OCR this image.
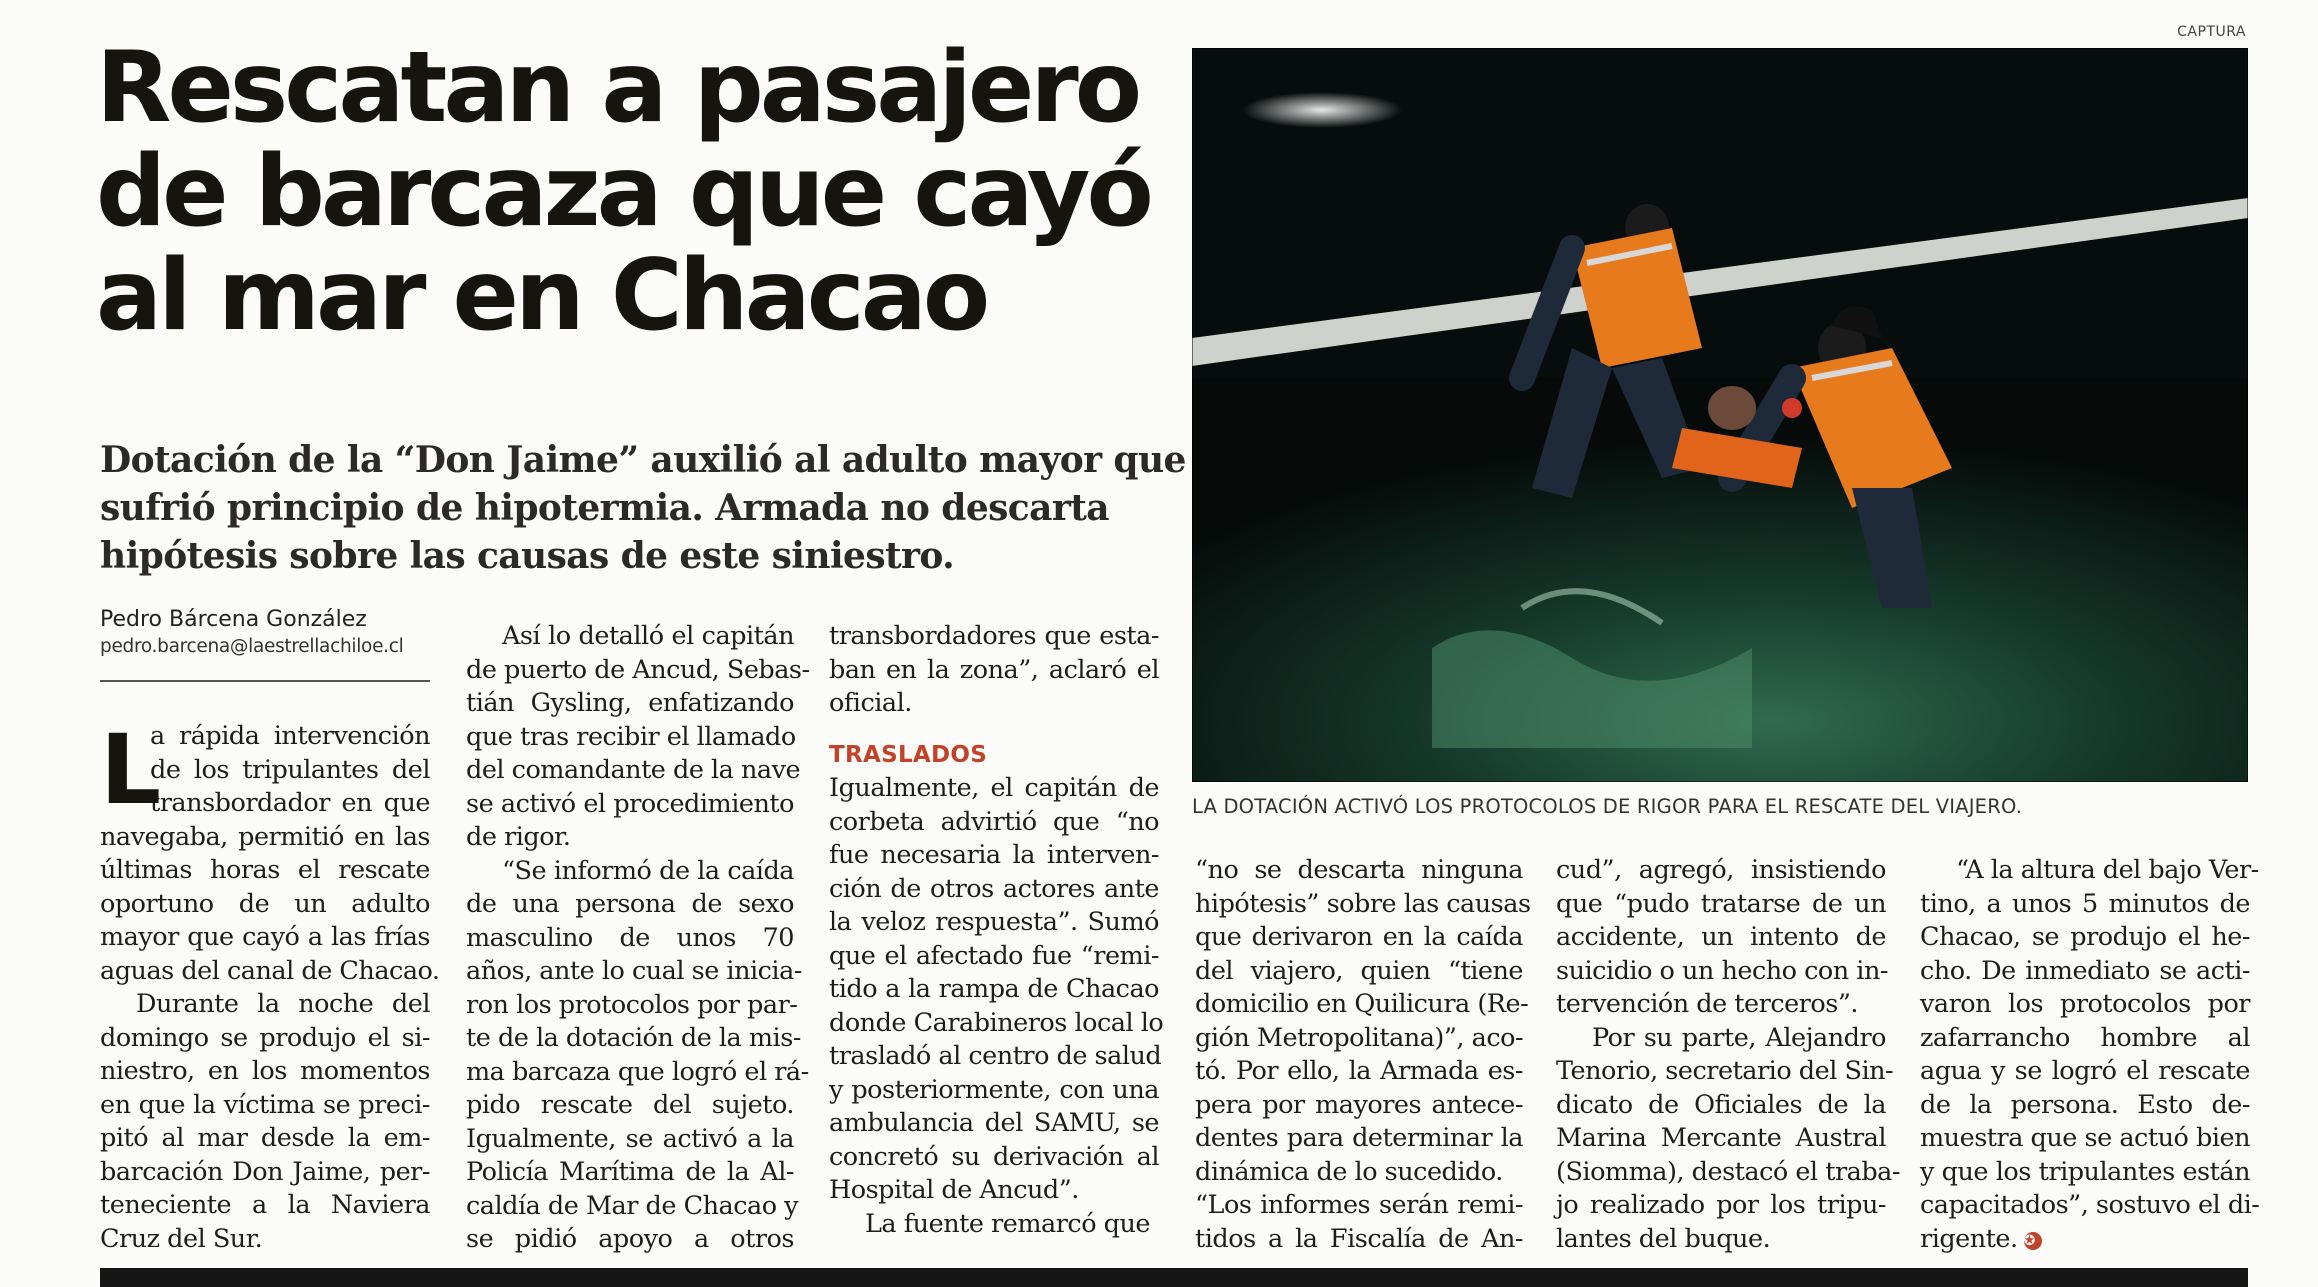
Rescatan a pasajero
de barcaza que cayó
al mar en Chacao

Dotación de la “Don Jaime” auxilió al adulto mayor que
sufrió principio de hipotermia. Armada no descarta
hipótesis sobre las causas de este siniestro.

Pedro Bárcena González
pedro.barcena@laestrellachiloe.cl
CAPTURA
LA DOTACIÓN ACTIVÓ LOS PROTOCOLOS DE RIGOR PARA EL RESCATE DEL VIAJERO.
L
a rápida intervención
de los tripulantes del
transbordador en que
navegaba, permitió en las
últimas horas el rescate
oportuno de un adulto
mayor que cayó a las frías
aguas del canal de Chacao.
Durante la noche del
domingo se produjo el si-
niestro, en los momentos
en que la víctima se preci-
pitó al mar desde la em-
barcación Don Jaime, per-
teneciente a la Naviera
Cruz del Sur.
Así lo detalló el capitán
de puerto de Ancud, Sebas-
tián Gysling, enfatizando
que tras recibir el llamado
del comandante de la nave
se activó el procedimiento
de rigor.
“Se informó de la caída
de una persona de sexo
masculino de unos 70
años, ante lo cual se inicia-
ron los protocolos por par-
te de la dotación de la mis-
ma barcaza que logró el rá-
pido rescate del sujeto.
Igualmente, se activó a la
Policía Marítima de la Al-
caldía de Mar de Chacao y
se pidió apoyo a otros
transbordadores que esta-
ban en la zona”, aclaró el
oficial.
TRASLADOS
Igualmente, el capitán de
corbeta advirtió que “no
fue necesaria la interven-
ción de otros actores ante
la veloz respuesta”. Sumó
que el afectado fue “remi-
tido a la rampa de Chacao
donde Carabineros local lo
trasladó al centro de salud
y posteriormente, con una
ambulancia del SAMU, se
concretó su derivación al
Hospital de Ancud”.
La fuente remarcó que
“no se descarta ninguna
hipótesis” sobre las causas
que derivaron en la caída
del viajero, quien “tiene
domicilio en Quilicura (Re-
gión Metropolitana)”, aco-
tó. Por ello, la Armada es-
pera por mayores antece-
dentes para determinar la
dinámica de lo sucedido.
“Los informes serán remi-
tidos a la Fiscalía de An-
cud”, agregó, insistiendo
que “pudo tratarse de un
accidente, un intento de
suicidio o un hecho con in-
tervención de terceros”.
Por su parte, Alejandro
Tenorio, secretario del Sin-
dicato de Oficiales de la
Marina Mercante Austral
(Siomma), destacó el traba-
jo realizado por los tripu-
lantes del buque.
“A la altura del bajo Ver-
tino, a unos 5 minutos de
Chacao, se produjo el he-
cho. De inmediato se acti-
varon los protocolos por
zafarrancho hombre al
agua y se logró el rescate
de la persona. Esto de-
muestra que se actuó bien
y que los tripulantes están
capacitados”, sostuvo el di-
rigente. ✪
